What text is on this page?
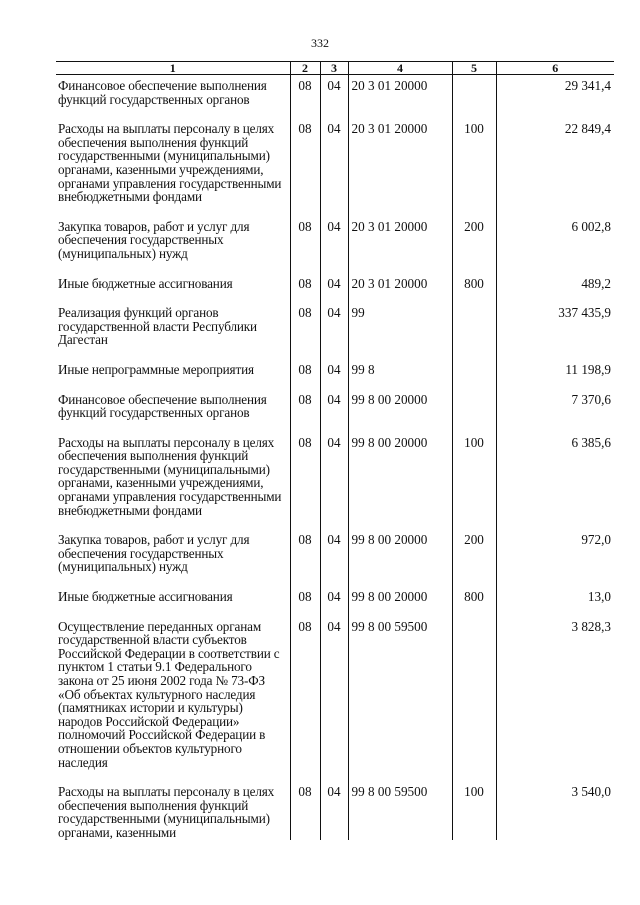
332
1	2	3	4	5	6
Финансовое обеспечение выполнения функций государственных органов	08	04	20 3 01 20000		29 341,4

Расходы на выплаты персоналу в целях обеспечения выполнения функций государственными (муниципальными) органами, казенными учреждениями, органами управления государственными внебюджетными фондами	08	04	20 3 01 20000	100	22 849,4

Закупка товаров, работ и услуг для обеспечения государственных (муниципальных) нужд	08	04	20 3 01 20000	200	6 002,8

Иные бюджетные ассигнования	08	04	20 3 01 20000	800	489,2

Реализация функций органов государственной власти Республики Дагестан	08	04	99		337 435,9

Иные непрограммные мероприятия	08	04	99 8		11 198,9

Финансовое обеспечение выполнения функций государственных органов	08	04	99 8 00 20000		7 370,6

Расходы на выплаты персоналу в целях обеспечения выполнения функций государственными (муниципальными) органами, казенными учреждениями, органами управления государственными внебюджетными фондами	08	04	99 8 00 20000	100	6 385,6

Закупка товаров, работ и услуг для обеспечения государственных (муниципальных) нужд	08	04	99 8 00 20000	200	972,0

Иные бюджетные ассигнования	08	04	99 8 00 20000	800	13,0

Осуществление переданных органам государственной власти субъектов Российской Федерации в соответствии с пунктом 1 статьи 9.1 Федерального закона от 25 июня 2002 года № 73-ФЗ «Об объектах культурного наследия (памятниках истории и культуры) народов Российской Федерации» полномочий Российской Федерации в отношении объектов культурного наследия	08	04	99 8 00 59500		3 828,3

Расходы на выплаты персоналу в целях обеспечения выполнения функций государственными (муниципальными) органами, казенными	08	04	99 8 00 59500	100	3 540,0
